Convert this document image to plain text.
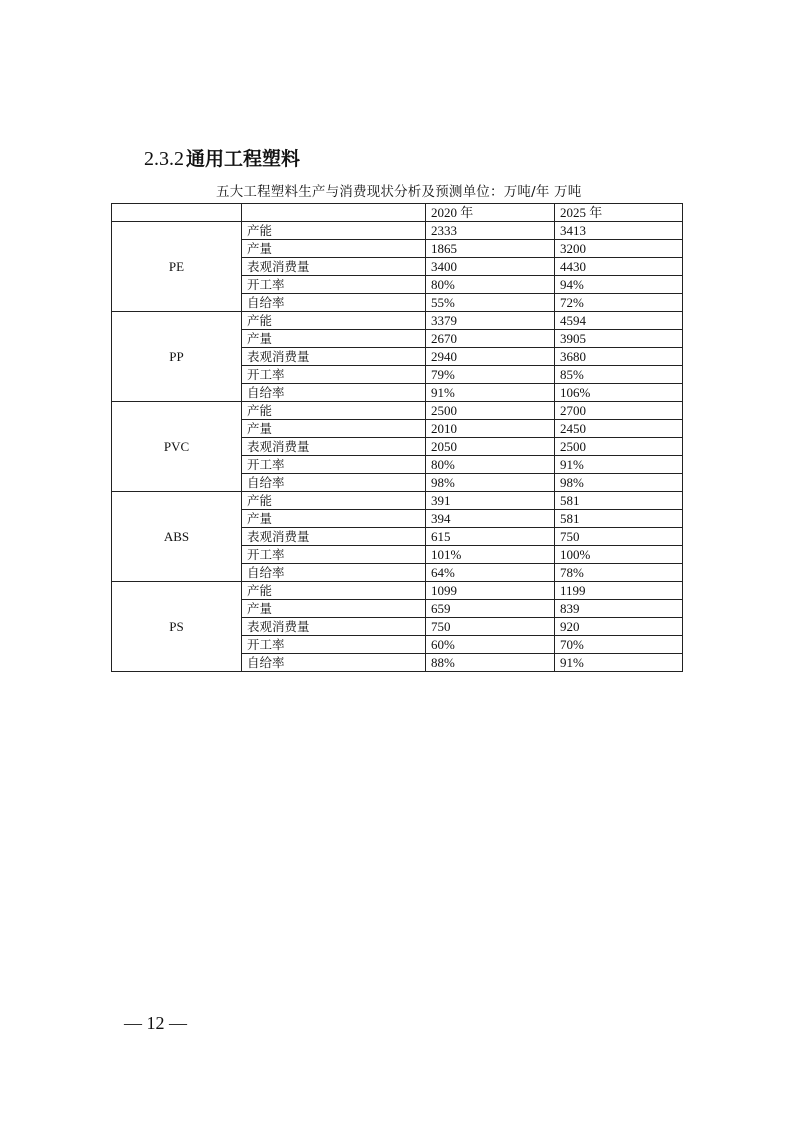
2.3.2 通用工程塑料
五大工程塑料生产与消费现状分析及预测单位：万吨/年 万吨
		2020 年	2025 年
PE	产能	2333	3413
	产量	1865	3200
	表观消费量	3400	4430
	开工率	80%	94%
	自给率	55%	72%
PP	产能	3379	4594
	产量	2670	3905
	表观消费量	2940	3680
	开工率	79%	85%
	自给率	91%	106%
PVC	产能	2500	2700
	产量	2010	2450
	表观消费量	2050	2500
	开工率	80%	91%
	自给率	98%	98%
ABS	产能	391	581
	产量	394	581
	表观消费量	615	750
	开工率	101%	100%
	自给率	64%	78%
PS	产能	1099	1199
	产量	659	839
	表观消费量	750	920
	开工率	60%	70%
	自给率	88%	91%
— 12 —
